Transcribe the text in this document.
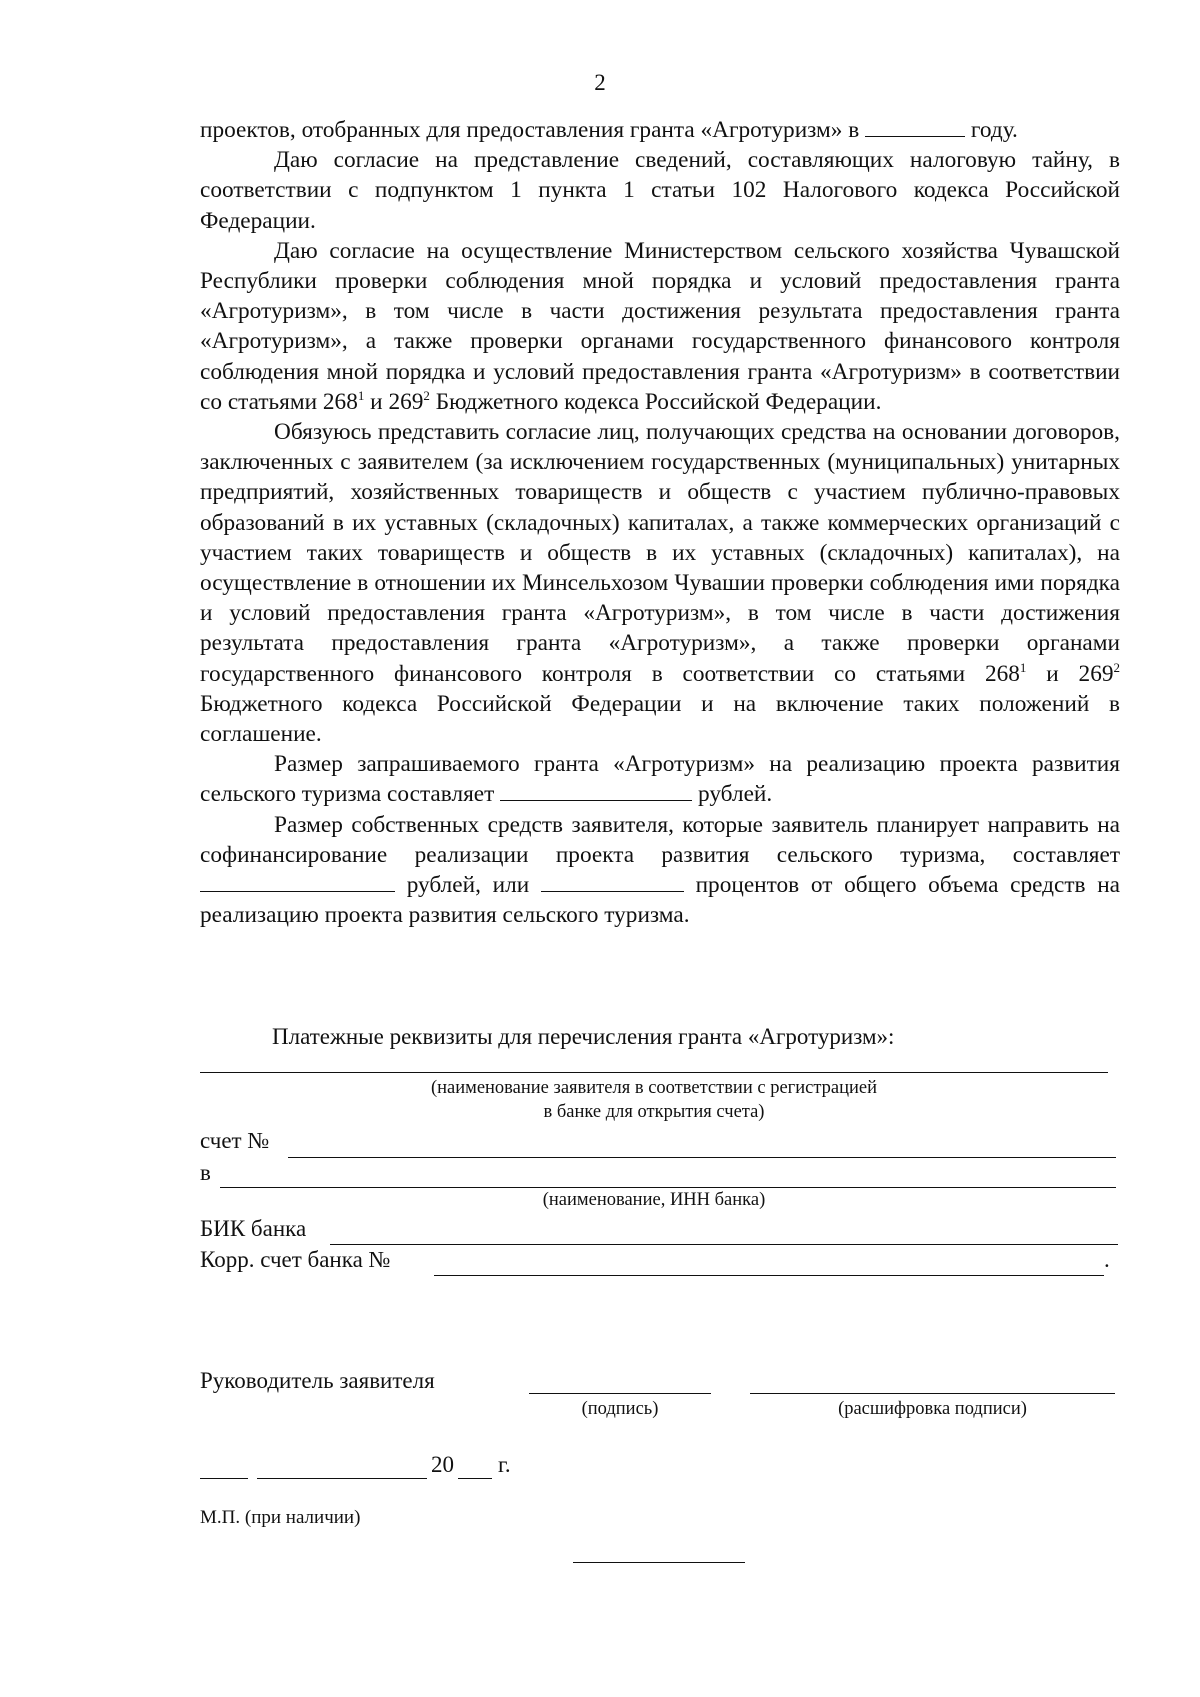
2

проектов, отобранных для предоставления гранта «Агротуризм» в	году.

Даю согласие на представление сведений, составляющих налоговую тайну, в соответствии с подпунктом 1 пункта 1 статьи 102 Налогового кодекса Российской Федерации.

Даю согласие на осуществление Министерством сельского хозяйства Чувашской Республики проверки соблюдения мной порядка и условий предоставления гранта «Агротуризм», в том числе в части достижения результата предоставления гранта «Агротуризм», а также проверки органами государственного финансового контроля соблюдения мной порядка и условий предоставления гранта «Агротуризм» в соответствии со статьями $268^1$ и $269^2$ Бюджетного кодекса Российской Федерации.

Обязуюсь представить согласие лиц, получающих средства на основании договоров, заключенных с заявителем (за исключением государственных (муниципальных) унитарных предприятий, хозяйственных товариществ и обществ с участием публично-правовых образований в их уставных (складочных) капиталах, а также коммерческих организаций с участием таких товариществ и обществ в их уставных (складочных) капиталах), на осуществление в отношении их Минсельхозом Чувашии проверки соблюдения ими порядка и условий предоставления гранта «Агротуризм», в том числе в части достижения результата предоставления гранта «Агротуризм», а также проверки органами государственного финансового контроля в соответствии со статьями $268^1$ и $269^2$ Бюджетного кодекса Российской Федерации и на включение таких положений в соглашение.

Размер запрашиваемого гранта «Агротуризм» на реализацию проекта развития сельского туризма составляет	рублей.

Размер собственных средств заявителя, которые заявитель планирует направить на софинансирование реализации проекта развития сельского туризма, составляет  рублей, или	процентов от общего объема средств на реализацию проекта развития сельского туризма.

Платежные реквизиты для перечисления гранта «Агротуризм»:
(наименование заявителя в соответствии с регистрацией
в банке для открытия счета)
счет №
в
(наименование, ИНН банка)
БИК банка
Корр. счет банка №	.
Руководитель заявителя
(подпись)	(расшифровка подписи)
20 г.
М.П. (при наличии)
